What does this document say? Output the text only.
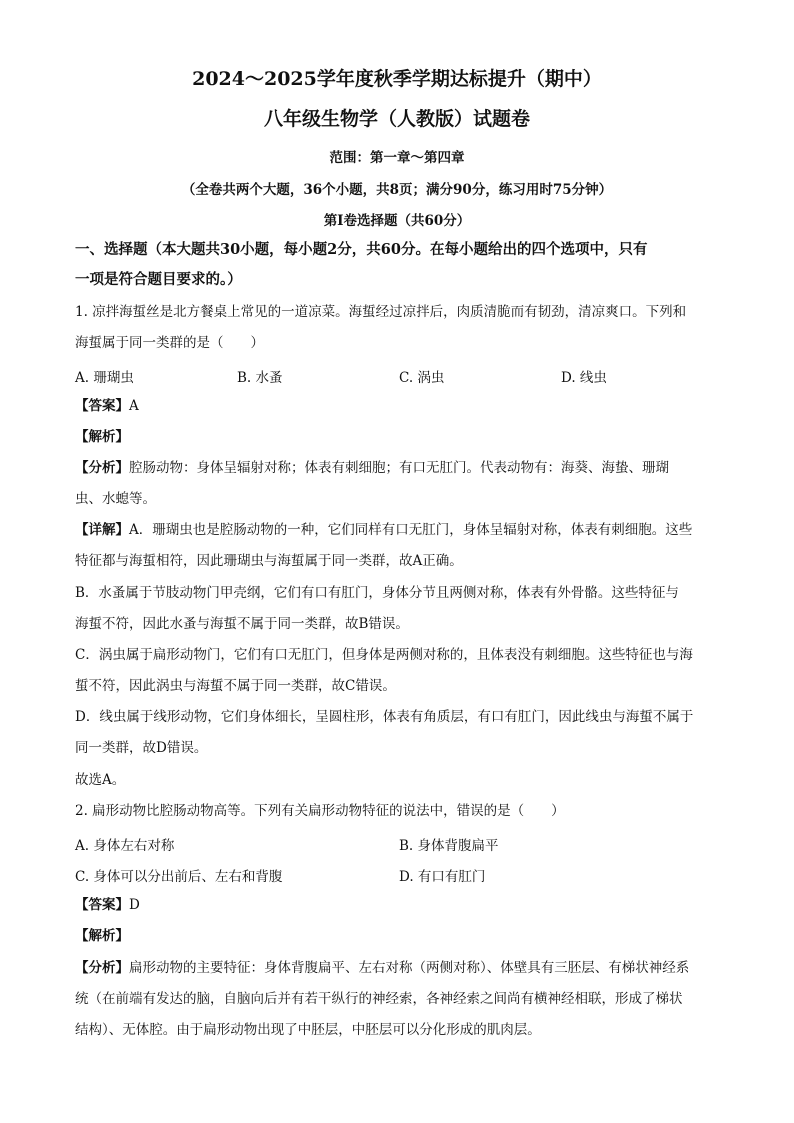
2024～2025学年度秋季学期达标提升（期中）
八年级生物学（人教版）试题卷
范围：第一章～第四章
（全卷共两个大题，36个小题，共8页；满分90分，练习用时75分钟）
第Ⅰ卷选择题（共60分）
一、选择题（本大题共30小题，每小题2分，共60分。在每小题给出的四个选项中，只有
一项是符合题目要求的。）
1. 凉拌海蜇丝是北方餐桌上常见的一道凉菜。海蜇经过凉拌后，肉质清脆而有韧劲，清凉爽口。下列和
海蜇属于同一类群的是（　　）
A. 珊瑚虫	B. 水蚤	C. 涡虫	D. 线虫
【答案】A
【解析】
【分析】腔肠动物：身体呈辐射对称；体表有刺细胞；有口无肛门。代表动物有：海葵、海蛰、珊瑚
虫、水螅等。
【详解】A．珊瑚虫也是腔肠动物的一种，它们同样有口无肛门，身体呈辐射对称，体表有刺细胞。这些
特征都与海蜇相符，因此珊瑚虫与海蜇属于同一类群，故A正确。
B．水蚤属于节肢动物门甲壳纲，它们有口有肛门，身体分节且两侧对称，体表有外骨骼。这些特征与
海蜇不符，因此水蚤与海蜇不属于同一类群，故B错误。
C．涡虫属于扁形动物门，它们有口无肛门，但身体是两侧对称的，且体表没有刺细胞。这些特征也与海
蜇不符，因此涡虫与海蜇不属于同一类群，故C错误。
D．线虫属于线形动物，它们身体细长，呈圆柱形，体表有角质层，有口有肛门，因此线虫与海蜇不属于
同一类群，故D错误。
故选A。
2. 扁形动物比腔肠动物高等。下列有关扁形动物特征的说法中，错误的是（　　）
A. 身体左右对称	B. 身体背腹扁平
C. 身体可以分出前后、左右和背腹	D. 有口有肛门
【答案】D
【解析】
【分析】扁形动物的主要特征：身体背腹扁平、左右对称（两侧对称）、体壁具有三胚层、有梯状神经系
统（在前端有发达的脑，自脑向后并有若干纵行的神经索，各神经索之间尚有横神经相联，形成了梯状
结构）、无体腔。由于扁形动物出现了中胚层，中胚层可以分化形成的肌肉层。
